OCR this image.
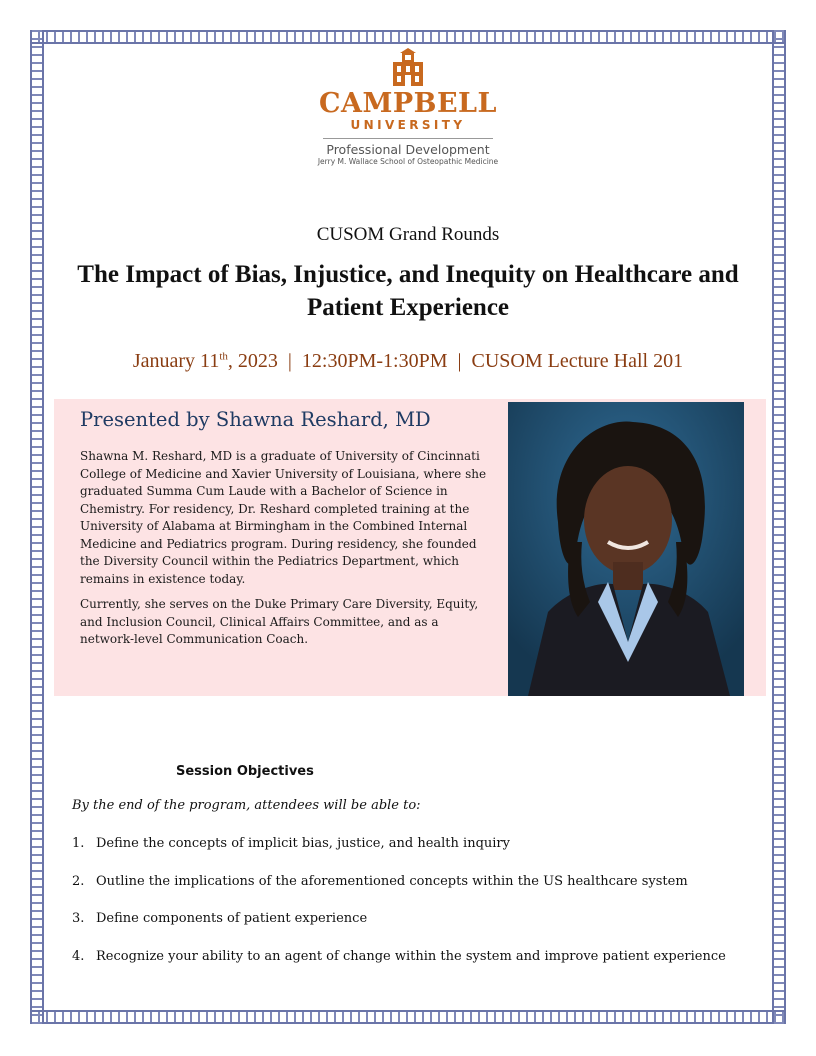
CAMPBELL
UNIVERSITY
Professional Development
Jerry M. Wallace School of Osteopathic Medicine
CUSOM Grand Rounds
The Impact of Bias, Injustice, and Inequity on Healthcare and
Patient Experience
January 11th, 2023  |  12:30PM-1:30PM  |  CUSOM Lecture Hall 201
Presented by Shawna Reshard, MD

Shawna M. Reshard, MD is a graduate of University of Cincinnati College of Medicine and Xavier University of Louisiana, where she graduated Summa Cum Laude with a Bachelor of Science in Chemistry. For residency, Dr. Reshard completed training at the University of Alabama at Birmingham in the Combined Internal Medicine and Pediatrics program. During residency, she founded the Diversity Council within the Pediatrics Department, which remains in existence today.

Currently, she serves on the Duke Primary Care Diversity, Equity, and Inclusion Council, Clinical Affairs Committee, and as a network-level Communication Coach.

Session Objectives
By the end of the program, attendees will be able to:
1. Define the concepts of implicit bias, justice, and health inquiry
2. Outline the implications of the aforementioned concepts within the US healthcare system
3. Define components of patient experience
4. Recognize your ability to an agent of change within the system and improve patient experience
